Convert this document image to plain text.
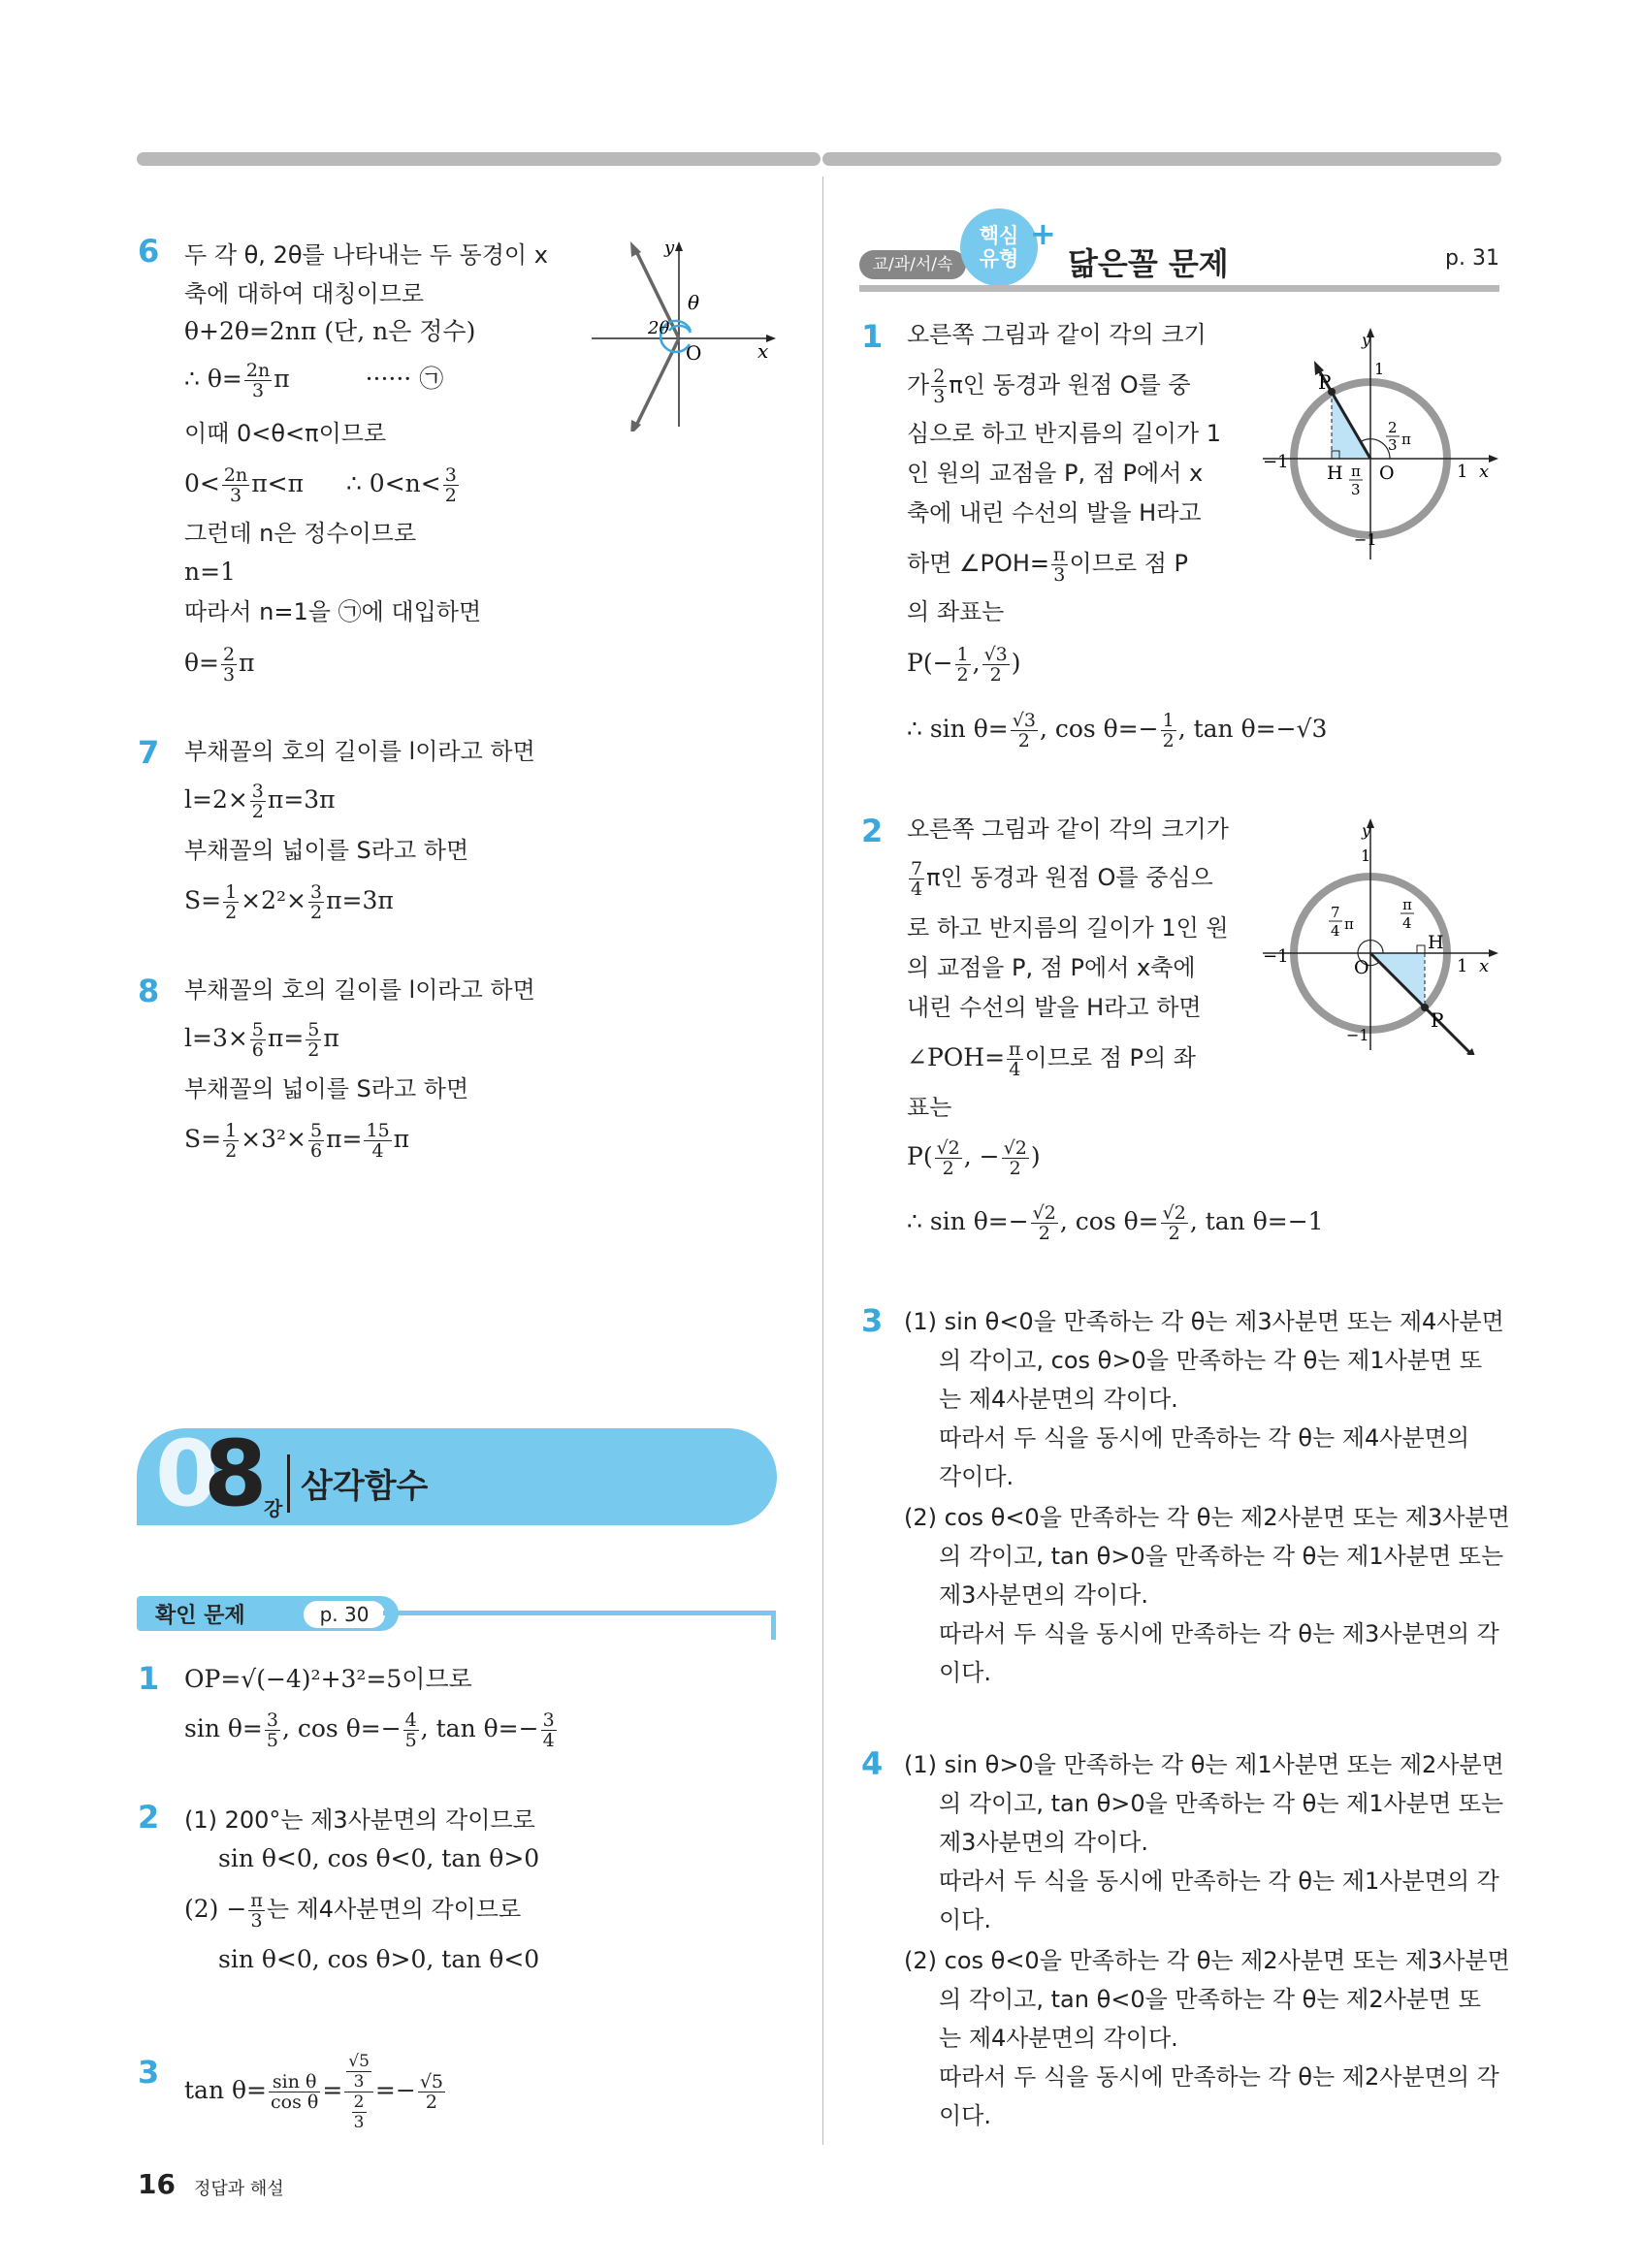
6 두 각 θ, 2θ를 나타내는 두 동경이 x
축에 대하여 대칭이므로
θ+2θ=2nπ (단, n은 정수)
∴ $\theta= \frac{2n}{3}$ π	······ ㉠
이때 0<θ<π이므로
$0< \frac{2n}{3} \pi<\pi$ ∴ $0<n< \frac{3}{2}$
그런데 n은 정수이므로
n=1
따라서 n=1을 ㉠에 대입하면
$\theta= \frac{2}{3}$ π
θ
2θ
O	x
y
7 부채꼴의 호의 길이를 l이라고 하면
$l=2\times \frac{3}{2} \pi=3\pi$
부채꼴의 넓이를 S라고 하면
$S= \frac{1}{2} \times 2^2\times \frac{3}{2} \pi=3\pi$
8 부채꼴의 호의 길이를 l이라고 하면
$l=3\times \frac{5}{6} \pi= \frac{5}{2}$ π
부채꼴의 넓이를 S라고 하면
$S= \frac{1}{2} \times 3^2\times \frac{5}{6} \pi= \frac{15}{4}$ π
0
8
강
삼각함수
확인 문제	p. 30
1 OP=√(−4)²+3²=5이므로
$\sin \theta= \frac{3}{5}$ , $\cos \theta=- \frac{4}{5}$ , $\tan \theta=- \frac{3}{4}$
2 (1) 200°는 제3사분면의 각이므로
sin θ<0, cos θ<0, tan θ>0
$(2) - \frac{\pi}{3}$ 는 제4사분면의 각이므로
sin θ<0, cos θ>0, tan θ<0
3 $\tan \theta= \frac{\text{sin θ}}{\text{cos θ}} = \frac{\frac{√5}{3}}{\frac{2}{3}} =- \frac{√5}{2}$
교/과/서/속
핵심
유형
+
닮은꼴 문제	p. 31
1 오른쪽 그림과 같이 각의 크기
가 $\frac{2}{3}$ π인 동경과 원점 O를 중
심으로 하고 반지름의 길이가 1
인 원의 교점을 P, 점 P에서 x
축에 내린 수선의 발을 H라고
하면 ∠POH= $\frac{\pi}{3}$ 이므로 점 P
의 좌표는
$P(- \frac{1}{2}$ , $\frac{√3}{2}$ )
∴ $\sin \theta= \frac{√3}{2}$ , $\cos \theta=- \frac{1}{2}$ , tan θ=−√3
P
H O
−1	1 x
y
1
−1
2
3 π
π
3
2 오른쪽 그림과 같이 각의 크기가
$\frac{7}{4}$ π인 동경과 원점 O를 중심으
로 하고 반지름의 길이가 1인 원
의 교점을 P, 점 P에서 x축에
내린 수선의 발을 H라고 하면
∠POH= $\frac{\pi}{4}$ 이므로 점 P의 좌
표는
$P( \frac{√2}{2}$ , − $\frac{√2}{2}$ )
∴ $\sin \theta=- \frac{√2}{2}$ , $\cos \theta= \frac{√2}{2}$ , tan θ=−1
P
H
O
−1	1 x
y
1
−1
7
4 π
π
4
3 (1) sin θ<0을 만족하는 각 θ는 제3사분면 또는 제4사분면
의 각이고, cos θ>0을 만족하는 각 θ는 제1사분면 또
는 제4사분면의 각이다.
따라서 두 식을 동시에 만족하는 각 θ는 제4사분면의
각이다.
(2) cos θ<0을 만족하는 각 θ는 제2사분면 또는 제3사분면
의 각이고, tan θ>0을 만족하는 각 θ는 제1사분면 또는
제3사분면의 각이다.
따라서 두 식을 동시에 만족하는 각 θ는 제3사분면의 각
이다.
4 (1) sin θ>0을 만족하는 각 θ는 제1사분면 또는 제2사분면
의 각이고, tan θ>0을 만족하는 각 θ는 제1사분면 또는
제3사분면의 각이다.
따라서 두 식을 동시에 만족하는 각 θ는 제1사분면의 각
이다.
(2) cos θ<0을 만족하는 각 θ는 제2사분면 또는 제3사분면
의 각이고, tan θ<0을 만족하는 각 θ는 제2사분면 또
는 제4사분면의 각이다.
따라서 두 식을 동시에 만족하는 각 θ는 제2사분면의 각
이다.
16 정답과 해설
